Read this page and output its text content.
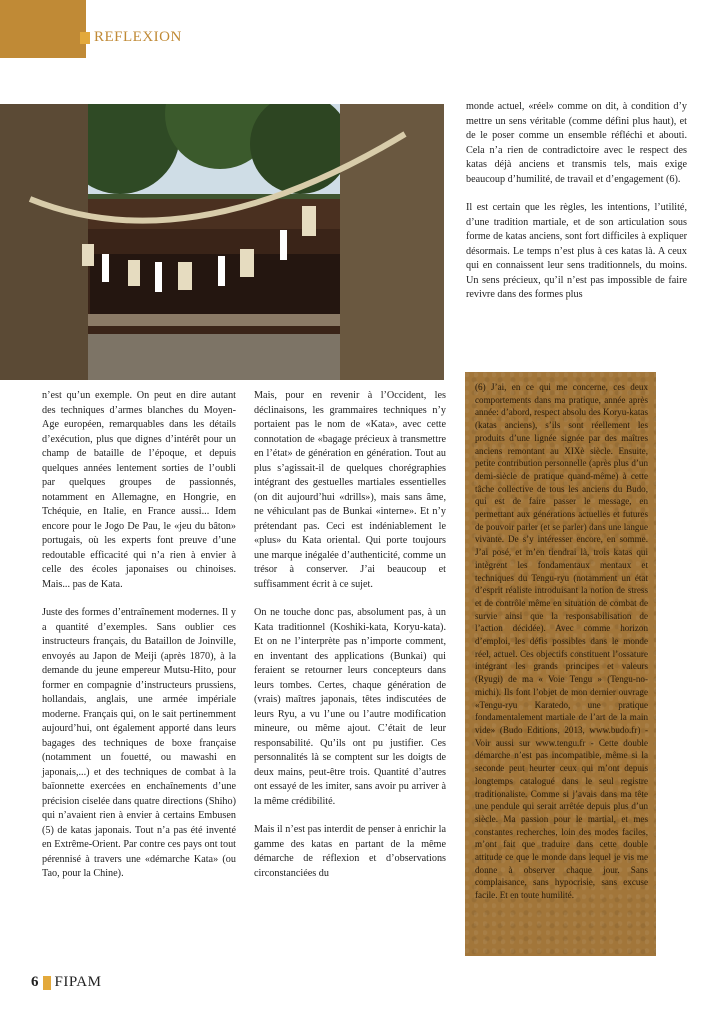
REFLEXION

n’est qu’un exemple. On peut en dire autant des techniques d’armes blanches du Moyen-Age européen, remarquables dans les détails d’exécution, plus que dignes d’intérêt pour un champ de bataille de l’époque, et depuis quelques années lentement sorties de l’oubli par quelques groupes de passionnés, notamment en Allemagne, en Hongrie, en Tchéquie, en Italie, en France aussi... Idem encore pour le Jogo De Pau, le «jeu du bâton» portugais, où les experts font preuve d’une redoutable efficacité qui n’a rien à envier à celle des écoles japonaises ou chinoises. Mais... pas de Kata.

Juste des formes d’entraînement modernes. Il y a quantité d’exemples. Sans oublier ces instructeurs français, du Bataillon de Joinville, envoyés au Japon de Meiji (après 1870), à la demande du jeune empereur Mutsu-Hito, pour former en compagnie d’instructeurs prussiens, hollandais, anglais, une armée impériale moderne. Français qui, on le sait pertinemment aujourd’hui, ont également apporté dans leurs bagages des techniques de boxe française (notamment un fouetté, ou mawashi en japonais,...) et des techniques de combat à la baïonnette exercées en enchaînements d’une précision ciselée dans quatre directions (Shiho) qui n’avaient rien à envier à certains Embusen (5) de katas japonais. Tout n’a pas été inventé en Extrême-Orient. Par contre ces pays ont tout pérennisé à travers une «démarche Kata» (ou Tao, pour la Chine).

Mais, pour en revenir à l’Occident, les déclinaisons, les grammaires techniques n’y portaient pas le nom de «Kata», avec cette connotation de «bagage précieux à transmettre en l’état» de génération en génération. Tout au plus s’agissait-il de quelques chorégraphies intégrant des gestuelles martiales essentielles (on dit aujourd’hui «drills»), mais sans âme, ne véhiculant pas de Bunkai «interne». Et n’y prétendant pas. Ceci est indéniablement le «plus» du Kata oriental. Qui porte toujours une marque inégalée d’authenticité, comme un trésor à conserver. J’ai beaucoup et suffisamment écrit à ce sujet.

On ne touche donc pas, absolument pas, à un Kata traditionnel (Koshiki-kata, Koryu-kata). Et on ne l’interprète pas n’importe comment, en inventant des applications (Bunkai) qui feraient se retourner leurs concepteurs dans leurs tombes. Certes, chaque génération de (vrais) maîtres japonais, têtes indiscutées de leurs Ryu, a vu l’une ou l’autre modification mineure, ou même ajout. C’était de leur responsabilité. Qu’ils ont pu justifier. Ces personnalités là se comptent sur les doigts de deux mains, peut-être trois. Quantité d’autres ont essayé de les imiter, sans avoir pu arriver à la même crédibilité.

Mais il n’est pas interdit de penser à enrichir la gamme des katas en partant de la même démarche de réflexion et d’observations circonstanciées du

monde actuel, «réel» comme on dit, à condition d’y mettre un sens véritable (comme défini plus haut), et de le poser comme un ensemble réfléchi et abouti. Cela n’a rien de contradictoire avec le respect des katas déjà anciens et transmis tels, mais exige beaucoup d’humilité, de travail et d’engagement (6).

Il est certain que les règles, les intentions, l’utilité, d’une tradition martiale, et de son articulation sous forme de katas anciens, sont fort difficiles à expliquer désormais. Le temps n’est plus à ces katas là. A ceux qui en connaissent leur sens traditionnels, du moins. Un sens précieux, qu’il n’est pas impossible de faire revivre dans des formes plus

(6) J’ai, en ce qui me concerne, ces deux comportements dans ma pratique, année après année: d’abord, respect absolu des Koryu-katas (katas anciens), s’ils sont réellement les produits d’une lignée signée par des maîtres anciens remontant au XIXè siècle. Ensuite, petite contribution personnelle (après plus d’un demi-siècle de pratique quand-même) à cette tâche collective de tous les anciens du Budo, qui est de faire passer le message, en permettant aux générations actuelles et futures de pouvoir parler (et se parler) dans une langue vivante. De s’y intéresser encore, en somme. J’ai posé, et m’en tiendrai là, trois katas qui intègrent les fondamentaux mentaux et techniques du Tengu-ryu (notamment un état d’esprit réaliste introduisant la notion de stress et de contrôle même en situation de combat de survie ainsi que la responsabilisation de l’action décidée). Avec comme horizon d’emploi, les défis possibles dans le monde réel, actuel. Ces objectifs constituent l’ossature intégrant les grands principes et valeurs (Ryugi) de ma « Voie Tengu » (Tengu-no-michi). Ils font l’objet de mon dernier ouvrage «Tengu-ryu Karatedo, une pratique fondamentalement martiale de l’art de la main vide» (Budo Editions, 2013, www.budo.fr) - Voir aussi sur www.tengu.fr - Cette double démarche n’est pas incompatible, même si la seconde peut heurter ceux qui m’ont depuis longtemps catalogué dans le seul registre traditionaliste. Comme si j’avais dans ma tête une pendule qui serait arrêtée depuis plus d’un siècle. Ma passion pour le martial, et mes constantes recherches, loin des modes faciles, m’ont fait que traduire dans cette double attitude ce que le monde dans lequel je vis me donne à observer chaque jour. Sans complaisance, sans hypocrisie, sans excuse facile. Et en toute humilité.

6 FIPAM
